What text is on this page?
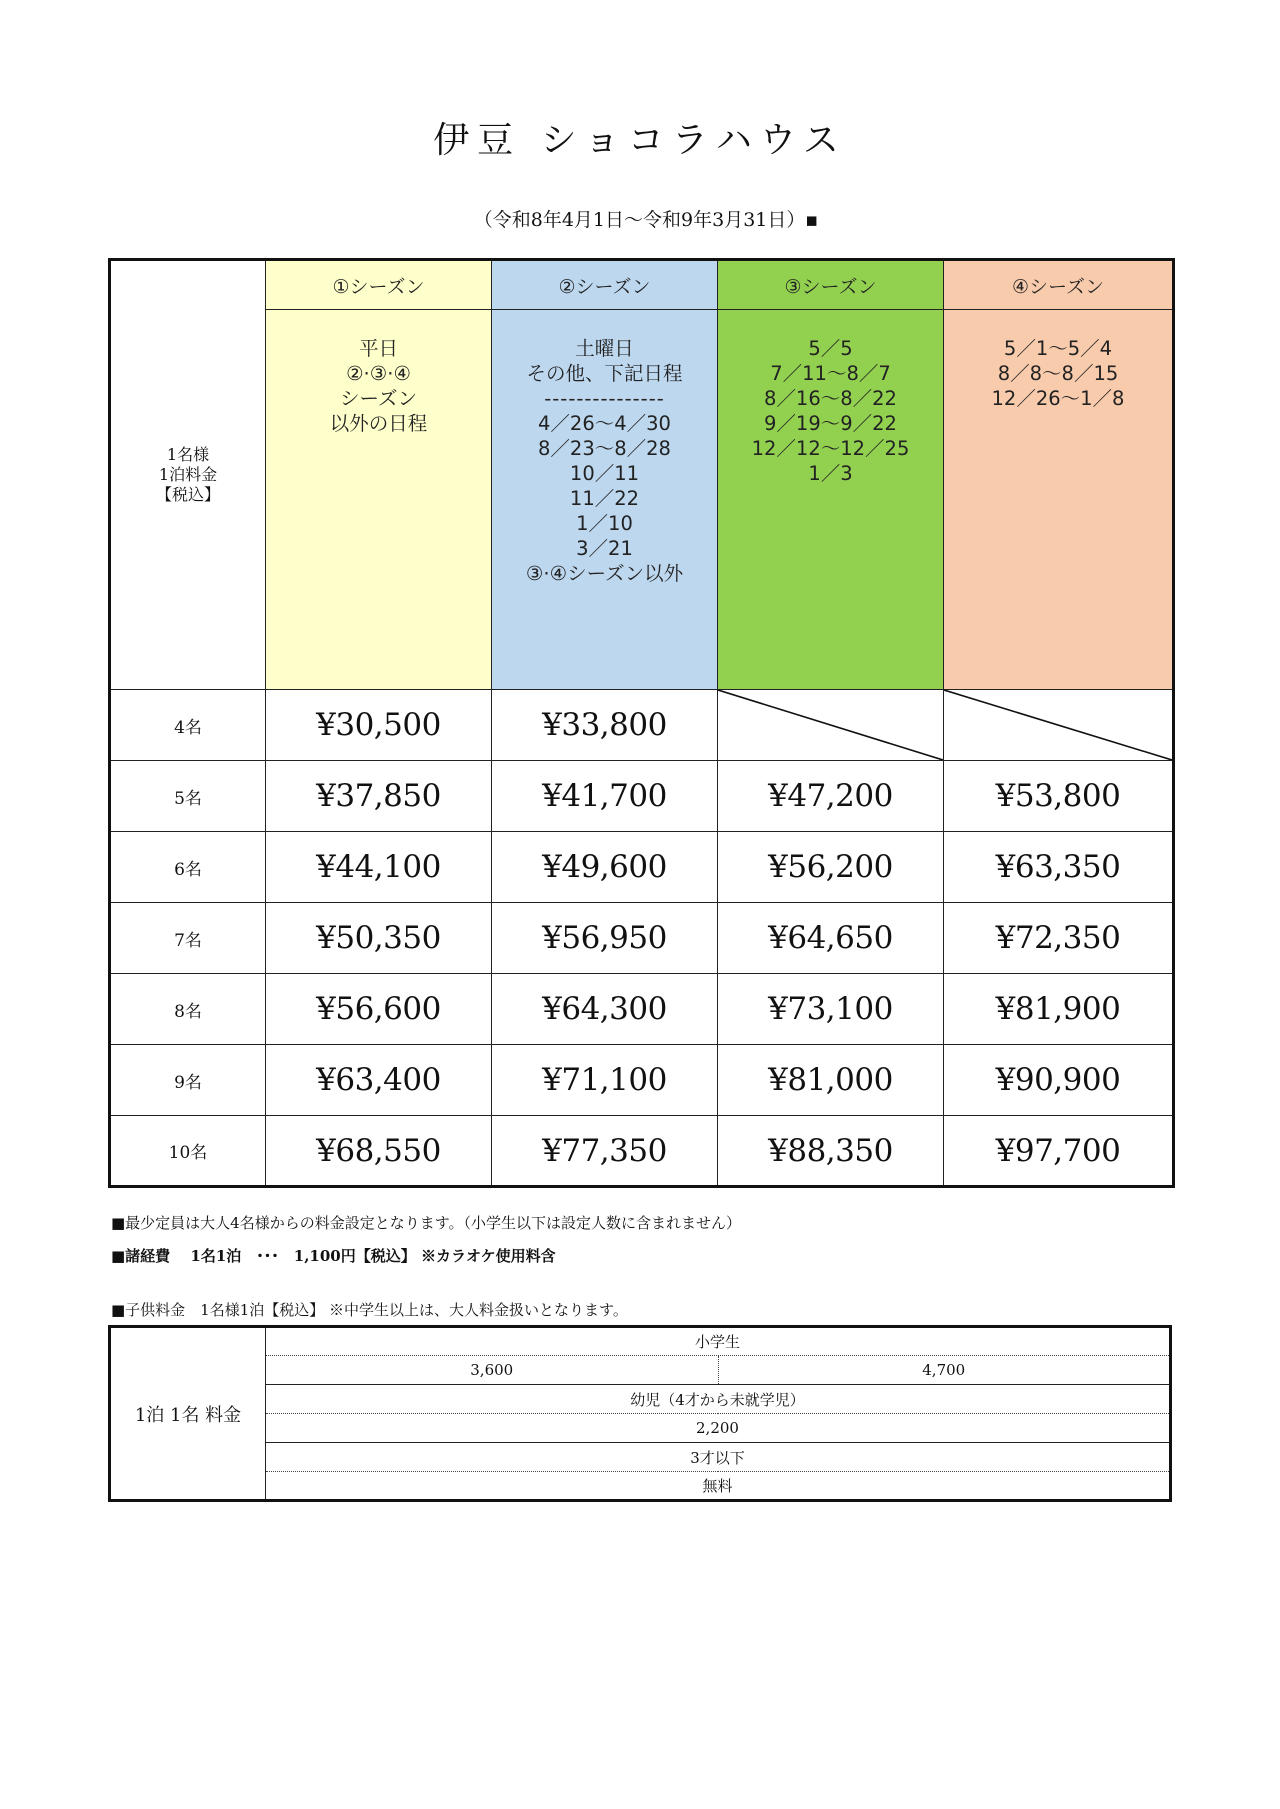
伊豆 ショコラハウス
（令和8年4月1日～令和9年3月31日）▪
1名様
1泊料金
【税込】	①シーズン	②シーズン	③シーズン	④シーズン

平日
②·③·④
シーズン
以外の日程

土曜日
その他、下記日程
---------------
4／26～4／30
8／23～8／28
10／11
11／22
1／10
3／21
③·④シーズン以外

5／5
7／11～8／7
8／16～8／22
9／19～9／22
12／12～12／25
1／3

5／1～5／4
8／8～8／15
12／26～1／8

4名	¥30,500	¥33,800	

5名	¥37,850	¥41,700	¥47,200	¥53,800
6名	¥44,100	¥49,600	¥56,200	¥63,350
7名	¥50,350	¥56,950	¥64,650	¥72,350
8名	¥56,600	¥64,300	¥73,100	¥81,900
9名	¥63,400	¥71,100	¥81,000	¥90,900
10名	¥68,550	¥77,350	¥88,350	¥97,700
■最少定員は大人4名様からの料金設定となります。（小学生以下は設定人数に含まれません）
■諸経費　 1名1泊　･･･　1,100円【税込】 ※カラオケ使用料含
■子供料金　1名様1泊【税込】 ※中学生以上は、大人料金扱いとなります。
1泊 1名 料金	小学生	
	3,600	4,700
	幼児（4才から未就学児）	
	2,200	
	3才以下	
	無料	
